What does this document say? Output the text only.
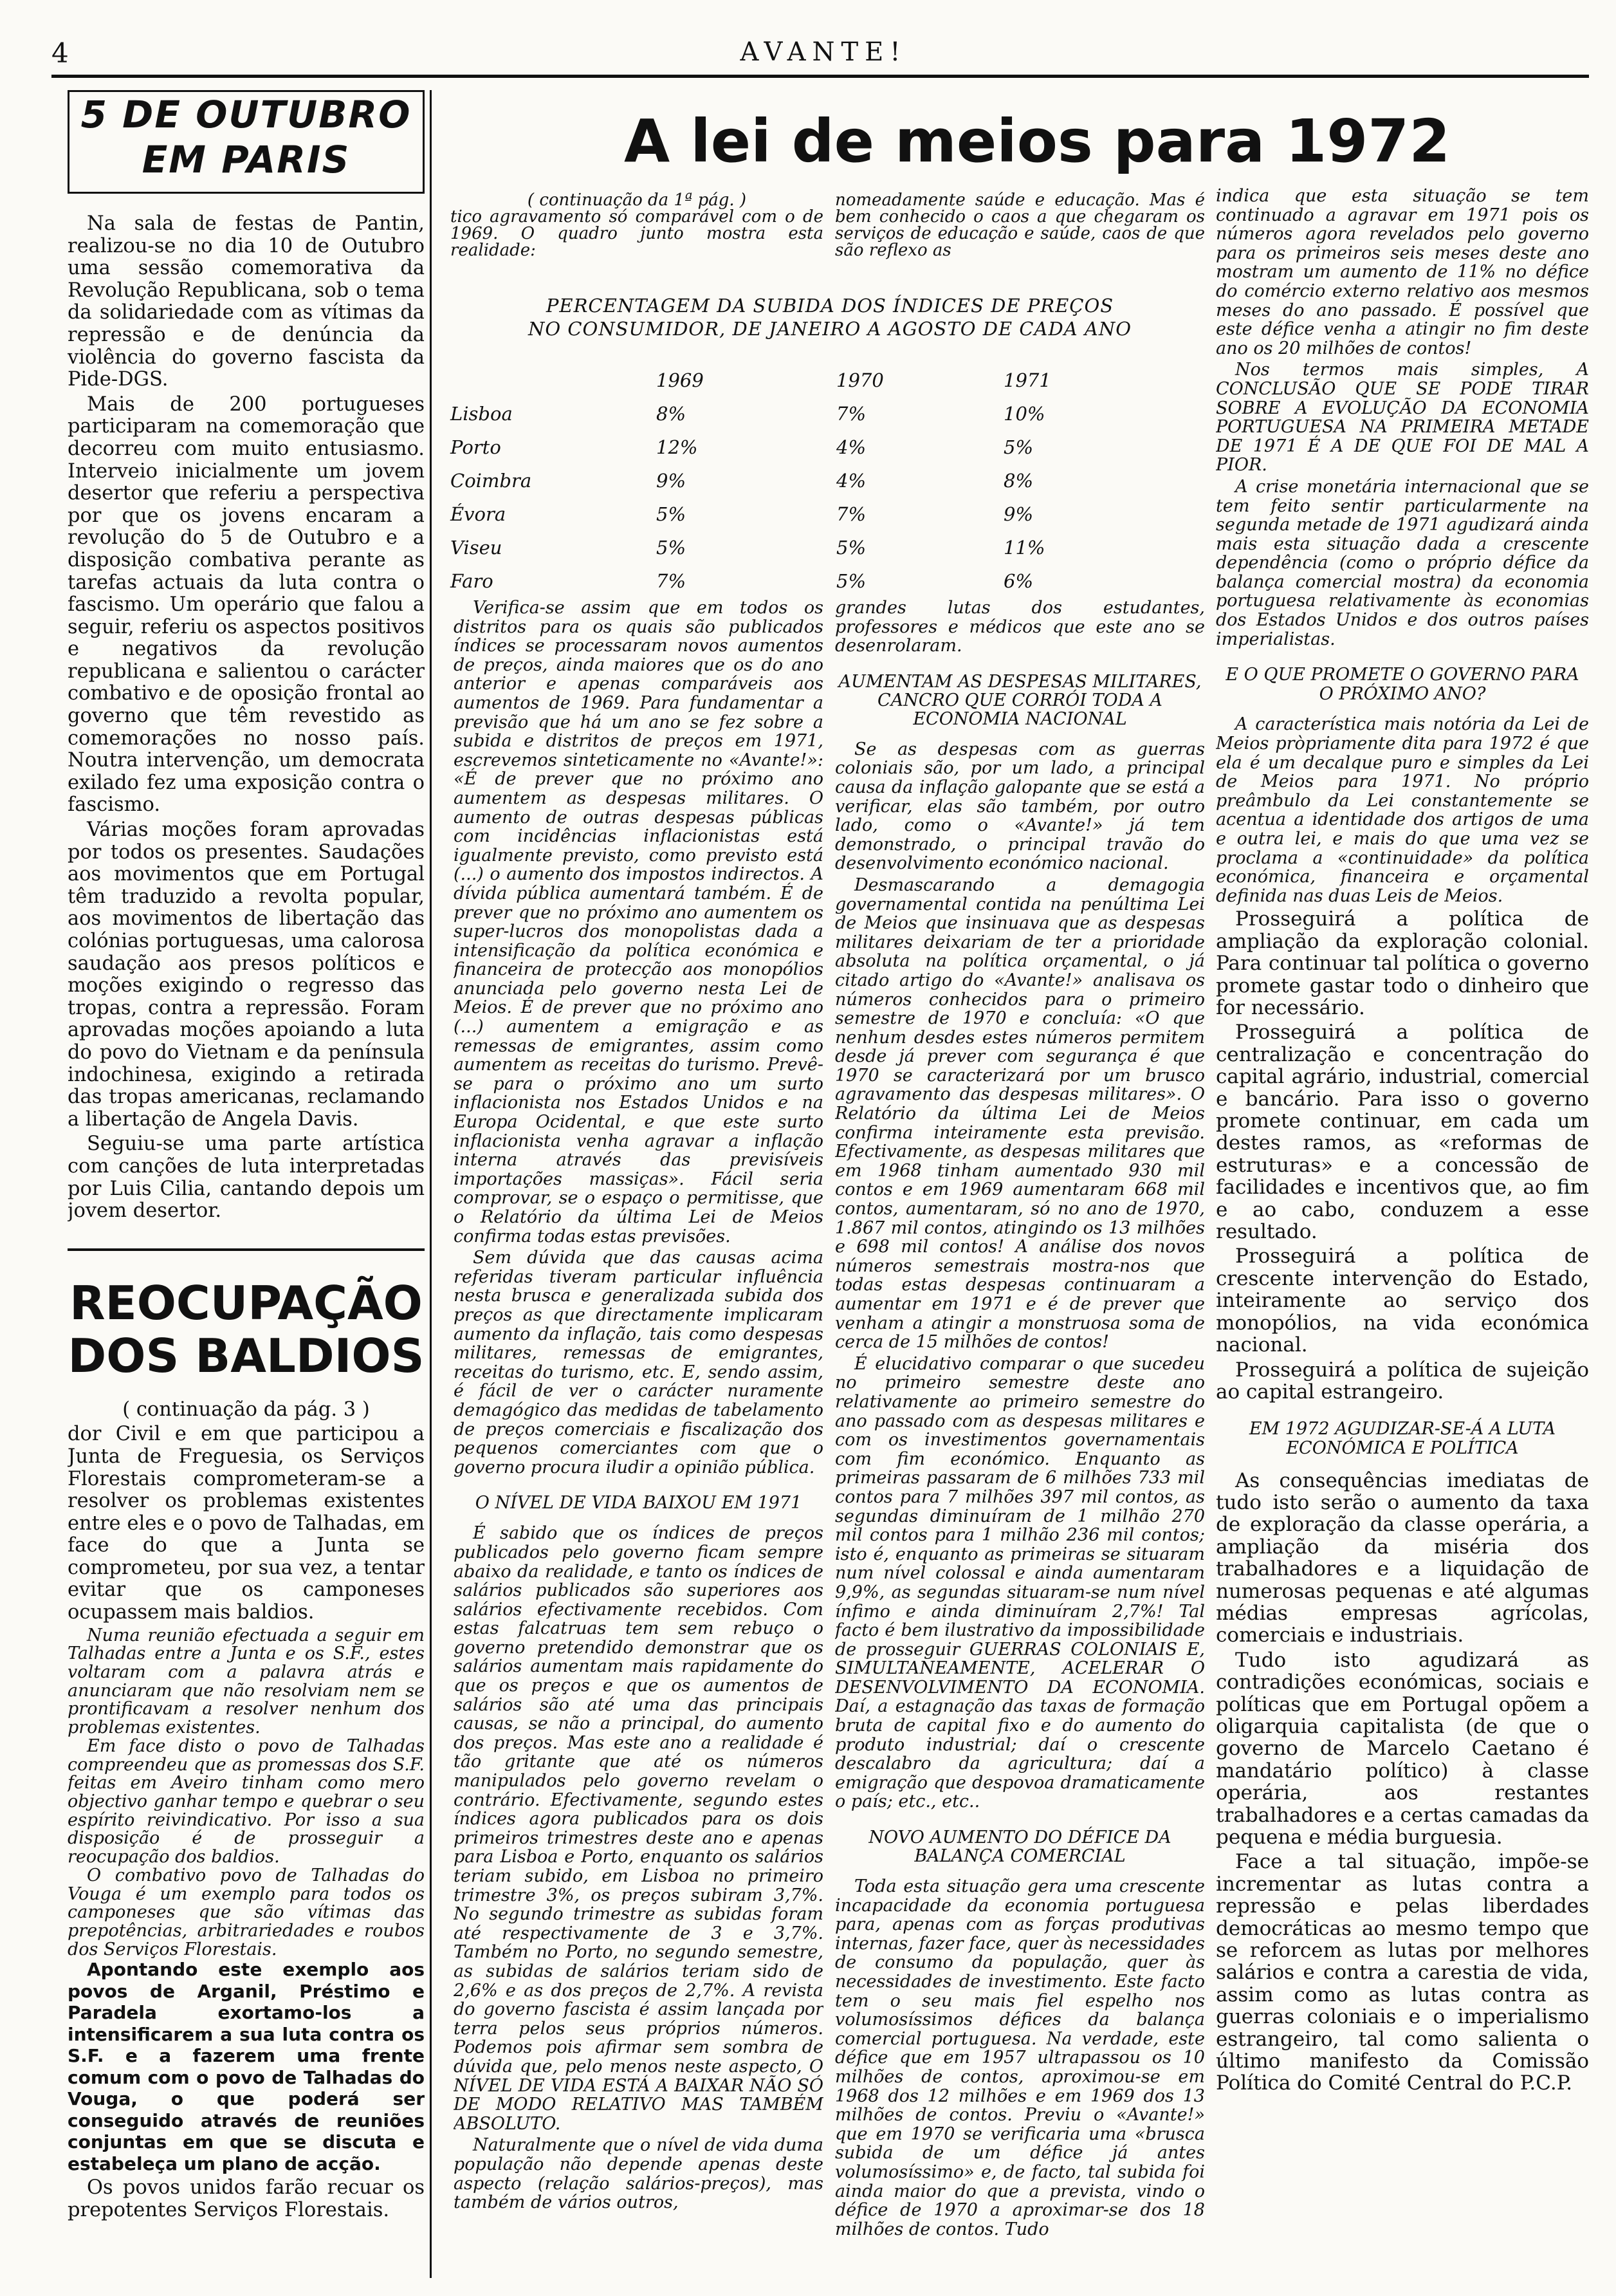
4	AVANTE!
5 DE OUTUBRO
EM PARIS

Na sala de festas de Pantin, realizou-se no dia 10 de Outubro uma sessão comemorativa da Revolução Republicana, sob o tema da solidariedade com as vítimas da repressão e de denúncia da violência do governo fascista da Pide-DGS.

Mais de 200 portugueses participaram na comemoração que decorreu com muito entusiasmo. Interveio inicialmente um jovem desertor que referiu a perspectiva por que os jovens encaram a revolução do 5 de Outubro e a disposição combativa perante as tarefas actuais da luta contra o fascismo. Um operário que falou a seguir, referiu os aspectos positivos e negativos da revolução republicana e salientou o carácter combativo e de oposição frontal ao governo que têm revestido as comemorações no nosso país. Noutra intervenção, um democrata exilado fez uma exposição contra o fascismo.

Várias moções foram aprovadas por todos os presentes. Saudações aos movimentos que em Portugal têm traduzido a revolta popular, aos movimentos de libertação das colónias portuguesas, uma calorosa saudação aos presos políticos e moções exigindo o regresso das tropas, contra a repressão. Foram aprovadas moções apoiando a luta do povo do Vietnam e da península indochinesa, exigindo a retirada das tropas americanas, reclamando a libertação de Angela Davis.

Seguiu-se uma parte artística com canções de luta interpretadas por Luis Cilia, cantando depois um jovem desertor.

REOCUPAÇÃO
DOS BALDIOS

( continuação da pág. 3 )

dor Civil e em que participou a Junta de Freguesia, os Serviços Florestais comprometeram-se a resolver os problemas existentes entre eles e o povo de Talhadas, em face do que a Junta se comprometeu, por sua vez, a tentar evitar que os camponeses ocupassem mais baldios.

Numa reunião efectuada a seguir em Talhadas entre a Junta e os S.F., estes voltaram com a palavra atrás e anunciaram que não resolviam nem se prontificavam a resolver nenhum dos problemas existentes.

Em face disto o povo de Talhadas compreendeu que as promessas dos S.F. feitas em Aveiro tinham como mero objectivo ganhar tempo e quebrar o seu espírito reivindicativo. Por isso a sua disposição é de prosseguir a reocupação dos baldios.

O combativo povo de Talhadas do Vouga é um exemplo para todos os camponeses que são vítimas das prepotências, arbitrariedades e roubos dos Serviços Florestais.

Apontando este exemplo aos povos de Arganil, Préstimo e Paradela exortamo-los a intensificarem a sua luta contra os S.F. e a fazerem uma frente comum com o povo de Talhadas do Vouga, o que poderá ser conseguido através de reuniões conjuntas em que se discuta e estabeleça um plano de acção.

Os povos unidos farão recuar os prepotentes Serviços Florestais.

A lei de meios para 1972
( continuação da 1ª pág. )
tico agravamento só comparável com o de 1969. O quadro junto mostra esta realidade:
nomeadamente saúde e educação. Mas é bem conhecido o caos a que chegaram os serviços de educação e saúde, caos de que são reflexo as
PERCENTAGEM DA SUBIDA DOS ÍNDICES DE PREÇOS
NO CONSUMIDOR, DE JANEIRO A AGOSTO DE CADA ANO
	1969	1970	1971
Lisboa	8%	7%	10%
Porto	12%	4%	5%
Coimbra	9%	4%	8%
Évora	5%	7%	9%
Viseu	5%	5%	11%
Faro	7%	5%	6%

Verifica-se assim que em todos os distritos para os quais são publicados índices se processaram novos aumentos de preços, ainda maiores que os do ano anterior e apenas comparáveis aos aumentos de 1969. Para fundamentar a previsão que há um ano se fez sobre a subida e distritos de preços em 1971, escrevemos sinteticamente no «Avante!»: «É de prever que no próximo ano aumentem as despesas militares. O aumento de outras despesas públicas com incidências inflacionistas está igualmente previsto, como previsto está (...) o aumento dos impostos indirectos. A dívida pública aumentará também. É de prever que no próximo ano aumentem os super-lucros dos monopolistas dada a intensificação da política económica e financeira de protecção aos monopólios anunciada pelo governo nesta Lei de Meios. É de prever que no próximo ano (...) aumentem a emigração e as remessas de emigrantes, assim como aumentem as receitas do turismo. Prevê-se para o próximo ano um surto inflacionista nos Estados Unidos e na Europa Ocidental, e que este surto inflacionista venha agravar a inflação interna através das previsíveis importações massiças». Fácil seria comprovar, se o espaço o permitisse, que o Relatório da última Lei de Meios confirma todas estas previsões.

Sem dúvida que das causas acima referidas tiveram particular influência nesta brusca e generalizada subida dos preços as que directamente implicaram aumento da inflação, tais como despesas militares, remessas de emigrantes, receitas do turismo, etc. E, sendo assim, é fácil de ver o carácter nuramente demagógico das medidas de tabelamento de preços comerciais e fiscalização dos pequenos comerciantes com que o governo procura iludir a opinião pública.

O NÍVEL DE VIDA BAIXOU EM 1971

É sabido que os índices de preços publicados pelo governo ficam sempre abaixo da realidade, e tanto os índices de salários publicados são superiores aos salários efectivamente recebidos. Com estas falcatruas tem sem rebuço o governo pretendido demonstrar que os salários aumentam mais rapidamente do que os preços e que os aumentos de salários são até uma das principais causas, se não a principal, do aumento dos preços. Mas este ano a realidade é tão gritante que até os números manipulados pelo governo revelam o contrário. Efectivamente, segundo estes índices agora publicados para os dois primeiros trimestres deste ano e apenas para Lisboa e Porto, enquanto os salários teriam subido, em Lisboa no primeiro trimestre 3%, os preços subiram 3,7%. No segundo trimestre as subidas foram até respectivamente de 3 e 3,7%. Também no Porto, no segundo semestre, as subidas de salários teriam sido de 2,6% e as dos preços de 2,7%. A revista do governo fascista é assim lançada por terra pelos seus próprios números. Podemos pois afirmar sem sombra de dúvida que, pelo menos neste aspecto, O NÍVEL DE VIDA ESTÁ A BAIXAR NÃO SÓ DE MODO RELATIVO MAS TAMBÉM ABSOLUTO.

Naturalmente que o nível de vida duma população não depende apenas deste aspecto (relação salários-preços), mas também de vários outros,

grandes lutas dos estudantes, professores e médicos que este ano se desenrolaram.

AUMENTAM AS DESPESAS MILITARES, CANCRO QUE CORRÓI TODA A ECONOMIA NACIONAL

Se as despesas com as guerras coloniais são, por um lado, a principal causa da inflação galopante que se está a verificar, elas são também, por outro lado, como o «Avante!» já tem demonstrado, o principal travão do desenvolvimento económico nacional.

Desmascarando a demagogia governamental contida na penúltima Lei de Meios que insinuava que as despesas militares deixariam de ter a prioridade absoluta na política orçamental, o já citado artigo do «Avante!» analisava os números conhecidos para o primeiro semestre de 1970 e concluía: «O que nenhum desdes estes números permitem desde já prever com segurança é que 1970 se caracterizará por um brusco agravamento das despesas militares». O Relatório da última Lei de Meios confirma inteiramente esta previsão. Efectivamente, as despesas militares que em 1968 tinham aumentado 930 mil contos e em 1969 aumentaram 668 mil contos, aumentaram, só no ano de 1970, 1.867 mil contos, atingindo os 13 milhões e 698 mil contos! A análise dos novos números semestrais mostra-nos que todas estas despesas continuaram a aumentar em 1971 e é de prever que venham a atingir a monstruosa soma de cerca de 15 milhões de contos!

É elucidativo comparar o que sucedeu no primeiro semestre deste ano relativamente ao primeiro semestre do ano passado com as despesas militares e com os investimentos governamentais com fim económico. Enquanto as primeiras passaram de 6 milhões 733 mil contos para 7 milhões 397 mil contos, as segundas diminuíram de 1 milhão 270 mil contos para 1 milhão 236 mil contos; isto é, enquanto as primeiras se situaram num nível colossal e ainda aumentaram 9,9%, as segundas situaram-se num nível ínfimo e ainda diminuíram 2,7%! Tal facto é bem ilustrativo da impossibilidade de prosseguir GUERRAS COLONIAIS E, SIMULTANEAMENTE, ACELERAR O DESENVOLVIMENTO DA ECONOMIA. Daí, a estagnação das taxas de formação bruta de capital fixo e do aumento do produto industrial; daí o crescente descalabro da agricultura; daí a emigração que despovoa dramaticamente o país; etc., etc..

NOVO AUMENTO DO DÉFICE DA BALANÇA COMERCIAL

Toda esta situação gera uma crescente incapacidade da economia portuguesa para, apenas com as forças produtivas internas, fazer face, quer às necessidades de consumo da população, quer às necessidades de investimento. Este facto tem o seu mais fiel espelho nos volumosíssimos défices da balança comercial portuguesa. Na verdade, este défice que em 1957 ultrapassou os 10 milhões de contos, aproximou-se em 1968 dos 12 milhões e em 1969 dos 13 milhões de contos. Previu o «Avante!» que em 1970 se verificaria uma «brusca subida de um défice já antes volumosíssimo» e, de facto, tal subida foi ainda maior do que a prevista, vindo o défice de 1970 a aproximar-se dos 18 milhões de contos. Tudo

indica que esta situação se tem continuado a agravar em 1971 pois os números agora revelados pelo governo para os primeiros seis meses deste ano mostram um aumento de 11% no défice do comércio externo relativo aos mesmos meses do ano passado. É possível que este défice venha a atingir no fim deste ano os 20 milhões de contos!

Nos termos mais simples, A CONCLUSÃO QUE SE PODE TIRAR SOBRE A EVOLUÇÃO DA ECONOMIA PORTUGUESA NA PRIMEIRA METADE DE 1971 É A DE QUE FOI DE MAL A PIOR.

A crise monetária internacional que se tem feito sentir particularmente na segunda metade de 1971 agudizará ainda mais esta situação dada a crescente dependência (como o próprio défice da balança comercial mostra) da economia portuguesa relativamente às economias dos Estados Unidos e dos outros países imperialistas.

E O QUE PROMETE O GOVERNO PARA O PRÓXIMO ANO?

A característica mais notória da Lei de Meios pròpriamente dita para 1972 é que ela é um decalque puro e simples da Lei de Meios para 1971. No próprio preâmbulo da Lei constantemente se acentua a identidade dos artigos de uma e outra lei, e mais do que uma vez se proclama a «continuidade» da política económica, financeira e orçamental definida nas duas Leis de Meios.

Prosseguirá a política de ampliação da exploração colonial. Para continuar tal política o governo promete gastar todo o dinheiro que for necessário.

Prosseguirá a política de centralização e concentração do capital agrário, industrial, comercial e bancário. Para isso o governo promete continuar, em cada um destes ramos, as «reformas de estruturas» e a concessão de facilidades e incentivos que, ao fim e ao cabo, conduzem a esse resultado.

Prosseguirá a política de crescente intervenção do Estado, inteiramente ao serviço dos monopólios, na vida económica nacional.

Prosseguirá a política de sujeição ao capital estrangeiro.

EM 1972 AGUDIZAR-SE-Á A LUTA ECONÓMICA E POLÍTICA

As consequências imediatas de tudo isto serão o aumento da taxa de exploração da classe operária, a ampliação da miséria dos trabalhadores e a liquidação de numerosas pequenas e até algumas médias empresas agrícolas, comerciais e industriais.

Tudo isto agudizará as contradições económicas, sociais e políticas que em Portugal opõem a oligarquia capitalista (de que o governo de Marcelo Caetano é mandatário político) à classe operária, aos restantes trabalhadores e a certas camadas da pequena e média burguesia.

Face a tal situação, impõe-se incrementar as lutas contra a repressão e pelas liberdades democráticas ao mesmo tempo que se reforcem as lutas por melhores salários e contra a carestia de vida, assim como as lutas contra as guerras coloniais e o imperialismo estrangeiro, tal como salienta o último manifesto da Comissão Política do Comité Central do P.C.P.
